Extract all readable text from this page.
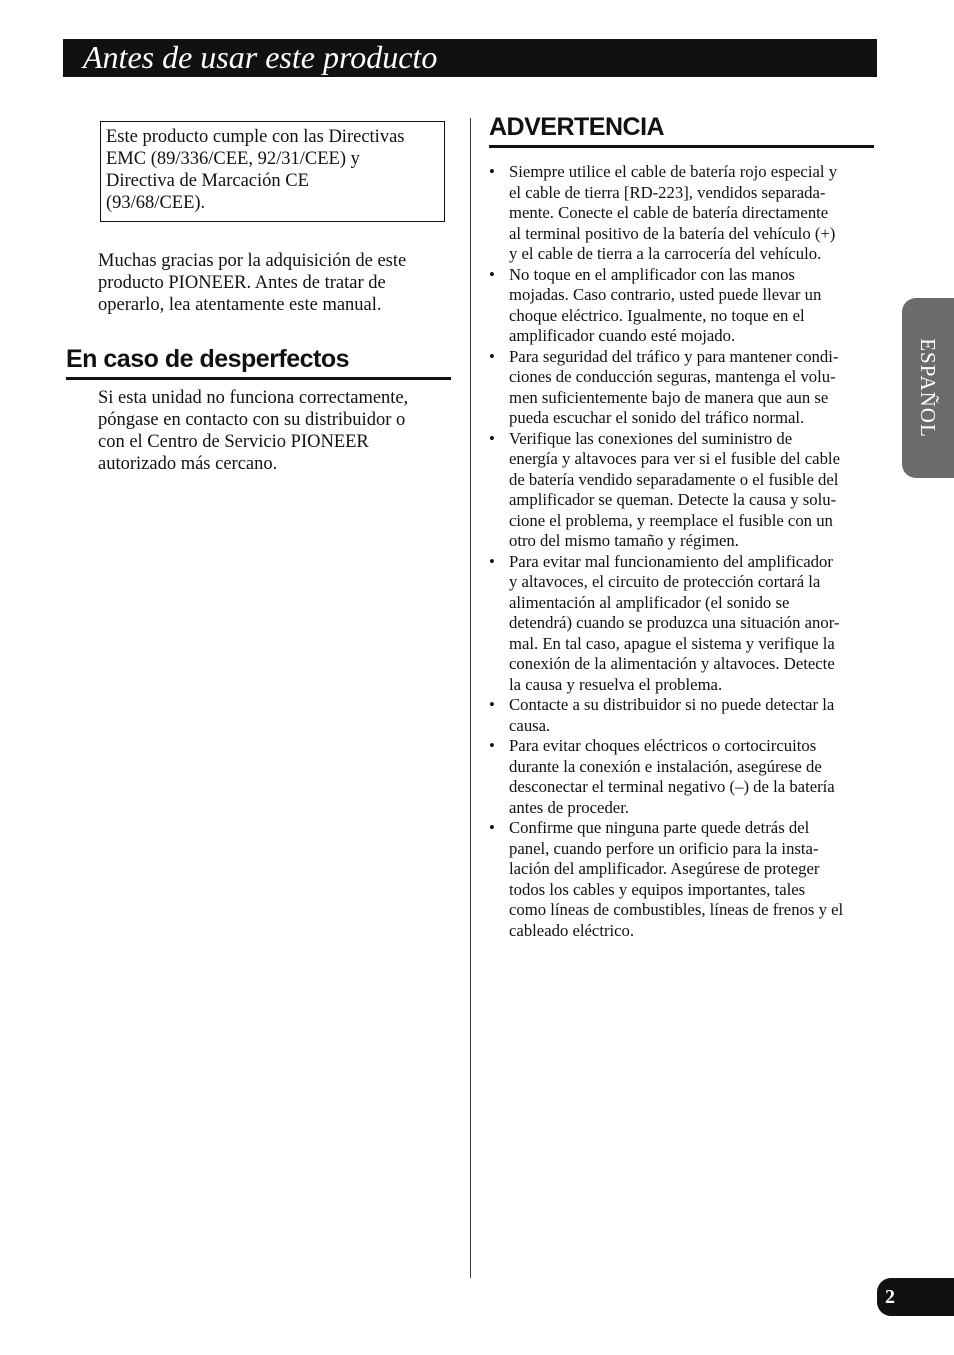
Antes de usar este producto
Este producto cumple con las Directivas
EMC (89/336/CEE, 92/31/CEE) y
Directiva de Marcación CE
(93/68/CEE).
Muchas gracias por la adquisición de este
producto PIONEER. Antes de tratar de
operarlo, lea atentamente este manual.
En caso de desperfectos
Si esta unidad no funciona correctamente,
póngase en contacto con su distribuidor o
con el Centro de Servicio PIONEER
autorizado más cercano.
ADVERTENCIA
• Siempre utilice el cable de batería rojo especial y
el cable de tierra [RD-223], vendidos separada-
mente. Conecte el cable de batería directamente
al terminal positivo de la batería del vehículo (+)
y el cable de tierra a la carrocería del vehículo.
• No toque en el amplificador con las manos
mojadas. Caso contrario, usted puede llevar un
choque eléctrico. Igualmente, no toque en el
amplificador cuando esté mojado.
• Para seguridad del tráfico y para mantener condi-
ciones de conducción seguras, mantenga el volu-
men suficientemente bajo de manera que aun se
pueda escuchar el sonido del tráfico normal.
• Verifique las conexiones del suministro de
energía y altavoces para ver si el fusible del cable
de batería vendido separadamente o el fusible del
amplificador se queman. Detecte la causa y solu-
cione el problema, y reemplace el fusible con un
otro del mismo tamaño y régimen.
• Para evitar mal funcionamiento del amplificador
y altavoces, el circuito de protección cortará la
alimentación al amplificador (el sonido se
detendrá) cuando se produzca una situación anor-
mal. En tal caso, apague el sistema y verifique la
conexión de la alimentación y altavoces. Detecte
la causa y resuelva el problema.
• Contacte a su distribuidor si no puede detectar la
causa.
• Para evitar choques eléctricos o cortocircuitos
durante la conexión e instalación, asegúrese de
desconectar el terminal negativo (–) de la batería
antes de proceder.
• Confirme que ninguna parte quede detrás del
panel, cuando perfore un orificio para la insta-
lación del amplificador. Asegúrese de proteger
todos los cables y equipos importantes, tales
como líneas de combustibles, líneas de frenos y el
cableado eléctrico.
ESPAÑOL
2
